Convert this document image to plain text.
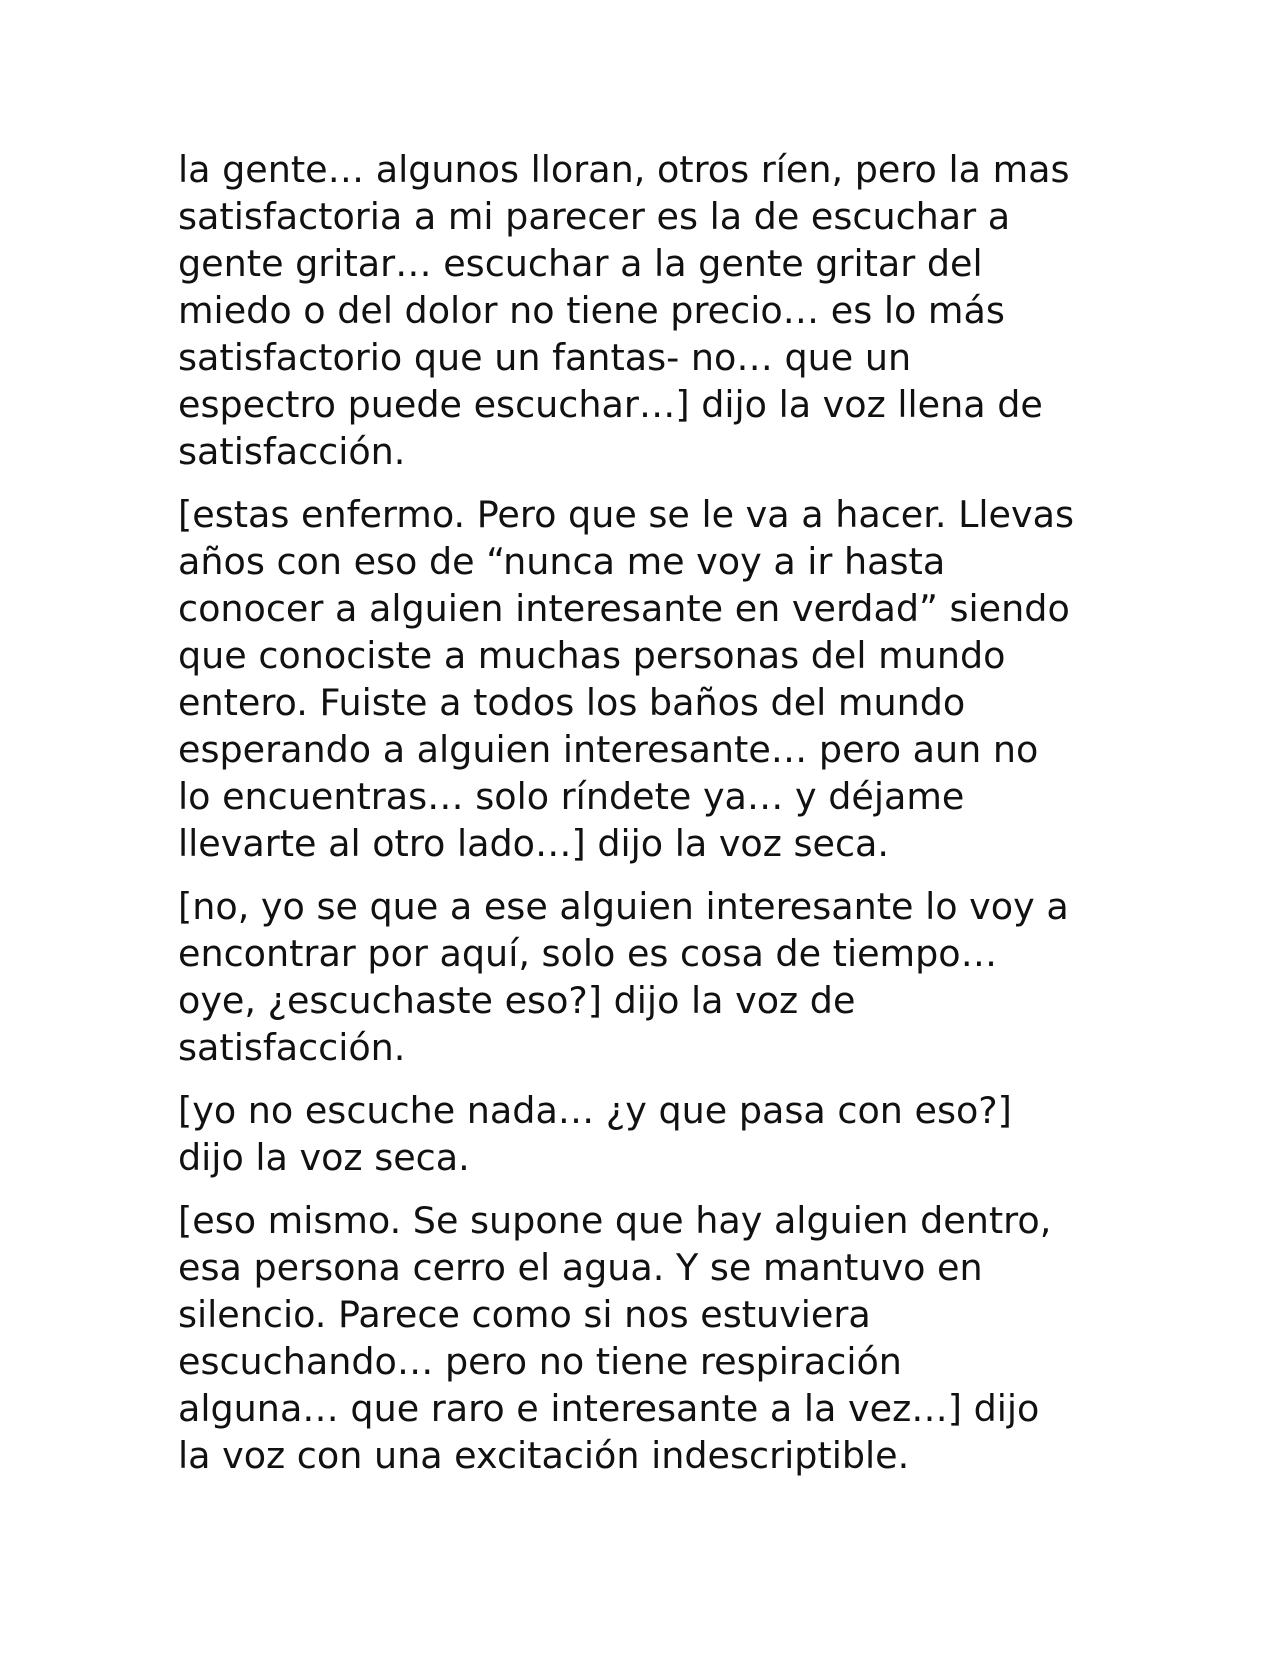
la gente… algunos lloran, otros ríen, pero la mas
satisfactoria a mi parecer es la de escuchar a
gente gritar… escuchar a la gente gritar del
miedo o del dolor no tiene precio… es lo más
satisfactorio que un fantas- no… que un
espectro puede escuchar…] dijo la voz llena de
satisfacción.

[estas enfermo. Pero que se le va a hacer. Llevas
años con eso de “nunca me voy a ir hasta
conocer a alguien interesante en verdad” siendo
que conociste a muchas personas del mundo
entero. Fuiste a todos los baños del mundo
esperando a alguien interesante… pero aun no
lo encuentras… solo ríndete ya… y déjame
llevarte al otro lado…] dijo la voz seca.

[no, yo se que a ese alguien interesante lo voy a
encontrar por aquí, solo es cosa de tiempo…
oye, ¿escuchaste eso?] dijo la voz de
satisfacción.

[yo no escuche nada… ¿y que pasa con eso?]
dijo la voz seca.

[eso mismo. Se supone que hay alguien dentro,
esa persona cerro el agua. Y se mantuvo en
silencio. Parece como si nos estuviera
escuchando… pero no tiene respiración
alguna… que raro e interesante a la vez…] dijo
la voz con una excitación indescriptible.
